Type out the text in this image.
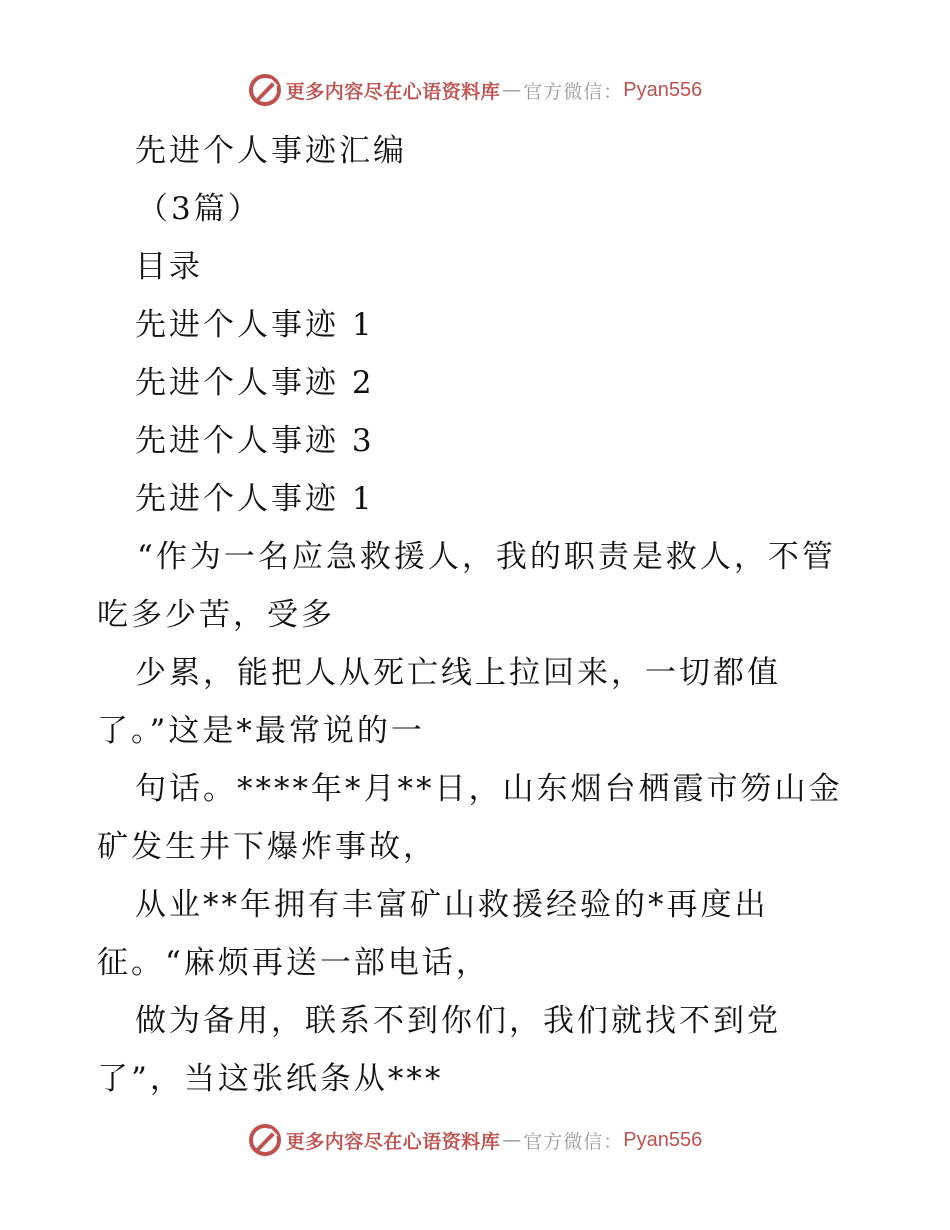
更多内容尽在心语资料库 — 官方微信： Pyan556
先进个人事迹汇编
（3篇）
目录
先进个人事迹 1
先进个人事迹 2
先进个人事迹 3
先进个人事迹 1
“作为一名应急救援人，我的职责是救人，不管
吃多少苦，受多
少累，能把人从死亡线上拉回来，一切都值
了。”这是*最常说的一
句话。****年*月**日，山东烟台栖霞市笏山金
矿发生井下爆炸事故，
从业**年拥有丰富矿山救援经验的*再度出
征。“麻烦再送一部电话，
做为备用，联系不到你们，我们就找不到党
了”，当这张纸条从***
更多内容尽在心语资料库 — 官方微信： Pyan556
